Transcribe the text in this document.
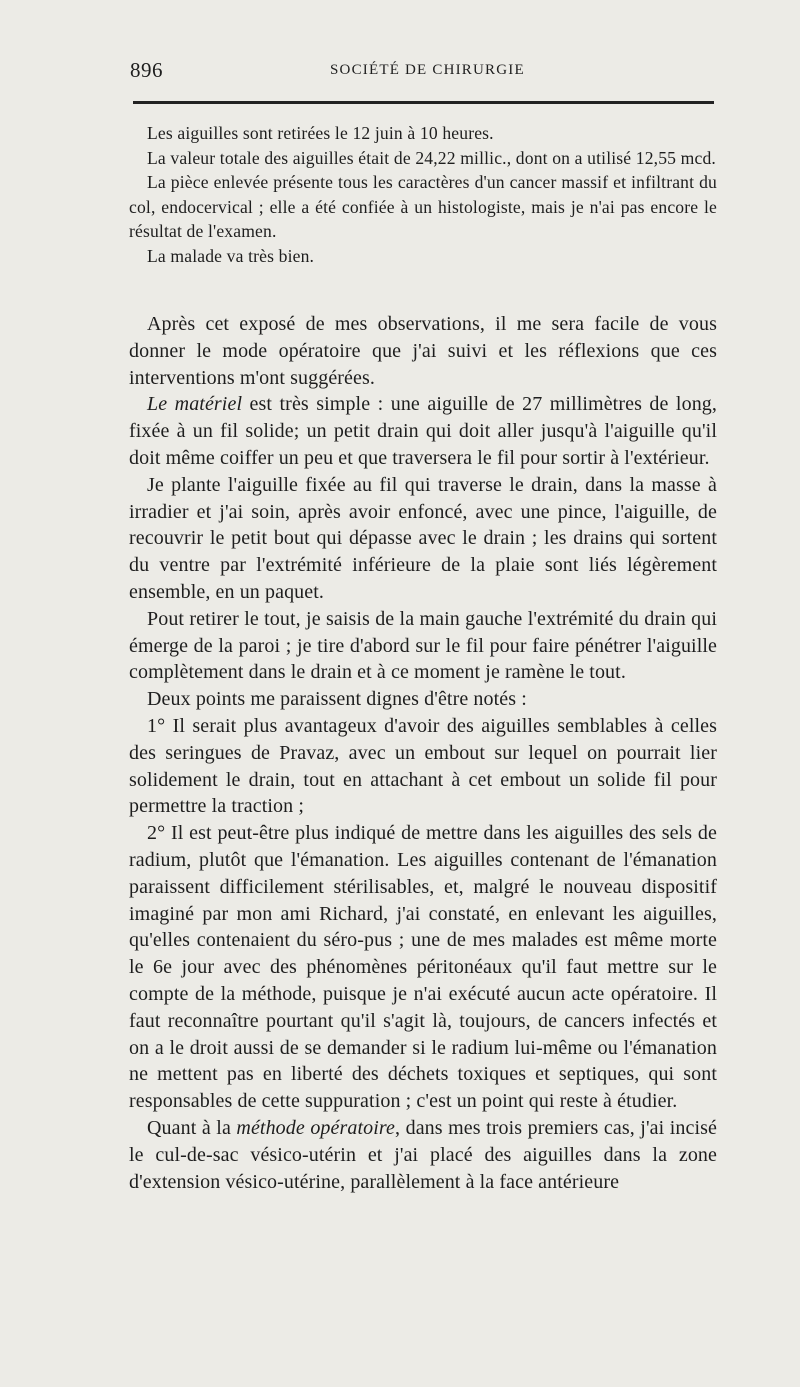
896	SOCIÉTÉ DE CHIRURGIE

Les aiguilles sont retirées le 12 juin à 10 heures.

La valeur totale des aiguilles était de 24,22 millic., dont on a utilisé 12,55 mcd.

La pièce enlevée présente tous les caractères d'un cancer massif et infiltrant du col, endocervical ; elle a été confiée à un histologiste, mais je n'ai pas encore le résultat de l'examen.

La malade va très bien.

Après cet exposé de mes observations, il me sera facile de vous donner le mode opératoire que j'ai suivi et les réflexions que ces interventions m'ont suggérées.

Le matériel est très simple : une aiguille de 27 millimètres de long, fixée à un fil solide; un petit drain qui doit aller jusqu'à l'aiguille qu'il doit même coiffer un peu et que traversera le fil pour sortir à l'extérieur.

Je plante l'aiguille fixée au fil qui traverse le drain, dans la masse à irradier et j'ai soin, après avoir enfoncé, avec une pince, l'aiguille, de recouvrir le petit bout qui dépasse avec le drain ; les drains qui sortent du ventre par l'extrémité inférieure de la plaie sont liés légèrement ensemble, en un paquet.

Pout retirer le tout, je saisis de la main gauche l'extrémité du drain qui émerge de la paroi ; je tire d'abord sur le fil pour faire pénétrer l'aiguille complètement dans le drain et à ce moment je ramène le tout.

Deux points me paraissent dignes d'être notés :

1° Il serait plus avantageux d'avoir des aiguilles semblables à celles des seringues de Pravaz, avec un embout sur lequel on pourrait lier solidement le drain, tout en attachant à cet embout un solide fil pour permettre la traction ;

2° Il est peut-être plus indiqué de mettre dans les aiguilles des sels de radium, plutôt que l'émanation. Les aiguilles contenant de l'émanation paraissent difficilement stérilisables, et, malgré le nouveau dispositif imaginé par mon ami Richard, j'ai constaté, en enlevant les aiguilles, qu'elles contenaient du séro-pus ; une de mes malades est même morte le 6e jour avec des phénomènes péritonéaux qu'il faut mettre sur le compte de la méthode, puisque je n'ai exécuté aucun acte opératoire. Il faut reconnaître pourtant qu'il s'agit là, toujours, de cancers infectés et on a le droit aussi de se demander si le radium lui-même ou l'émanation ne mettent pas en liberté des déchets toxiques et septiques, qui sont responsables de cette suppuration ; c'est un point qui reste à étudier.

Quant à la méthode opératoire, dans mes trois premiers cas, j'ai incisé le cul-de-sac vésico-utérin et j'ai placé des aiguilles dans la zone d'extension vésico-utérine, parallèlement à la face antérieure
